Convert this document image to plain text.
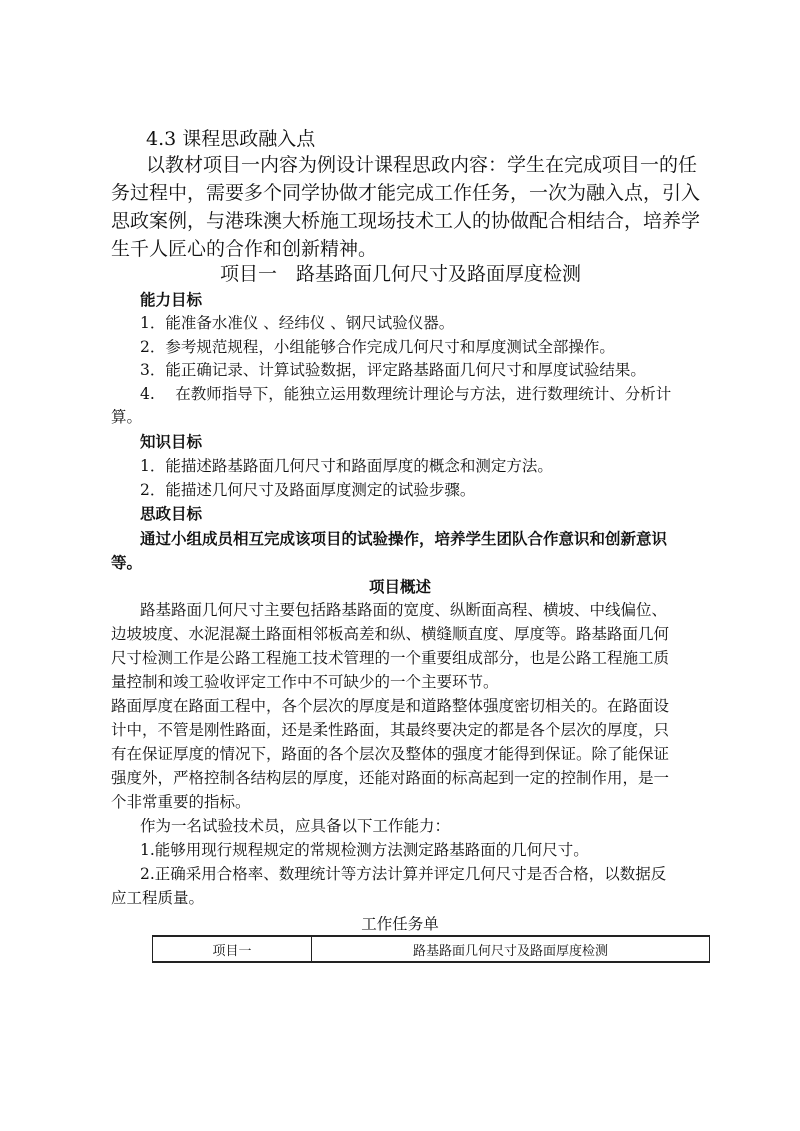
4.3 课程思政融入点
以教材项目一内容为例设计课程思政内容：学生在完成项目一的任
务过程中，需要多个同学协做才能完成工作任务，一次为融入点，引入
思政案例，与港珠澳大桥施工现场技术工人的协做配合相结合，培养学
生千人匠心的合作和创新精神。
项目一　路基路面几何尺寸及路面厚度检测
能力目标
1．能准备水准仪 、经纬仪 、钢尺试验仪器。
2．参考规范规程，小组能够合作完成几何尺寸和厚度测试全部操作。
3．能正确记录、计算试验数据，评定路基路面几何尺寸和厚度试验结果。
4.　 在教师指导下，能独立运用数理统计理论与方法，进行数理统计、分析计
算。
知识目标
1．能描述路基路面几何尺寸和路面厚度的概念和测定方法。
2．能描述几何尺寸及路面厚度测定的试验步骤。
思政目标
通过小组成员相互完成该项目的试验操作，培养学生团队合作意识和创新意识
等。
项目概述
路基路面几何尺寸主要包括路基路面的宽度、纵断面高程、横坡、中线偏位、
边坡坡度、水泥混凝土路面相邻板高差和纵、横缝顺直度、厚度等。路基路面几何
尺寸检测工作是公路工程施工技术管理的一个重要组成部分，也是公路工程施工质
量控制和竣工验收评定工作中不可缺少的一个主要环节。
路面厚度在路面工程中，各个层次的厚度是和道路整体强度密切相关的。在路面设
计中，不管是刚性路面，还是柔性路面，其最终要决定的都是各个层次的厚度，只
有在保证厚度的情况下，路面的各个层次及整体的强度才能得到保证。除了能保证
强度外，严格控制各结构层的厚度，还能对路面的标高起到一定的控制作用，是一
个非常重要的指标。
作为一名试验技术员，应具备以下工作能力：
1.能够用现行规程规定的常规检测方法测定路基路面的几何尺寸。
2.正确采用合格率、数理统计等方法计算并评定几何尺寸是否合格，以数据反
应工程质量。
工作任务单
项目一	路基路面几何尺寸及路面厚度检测
